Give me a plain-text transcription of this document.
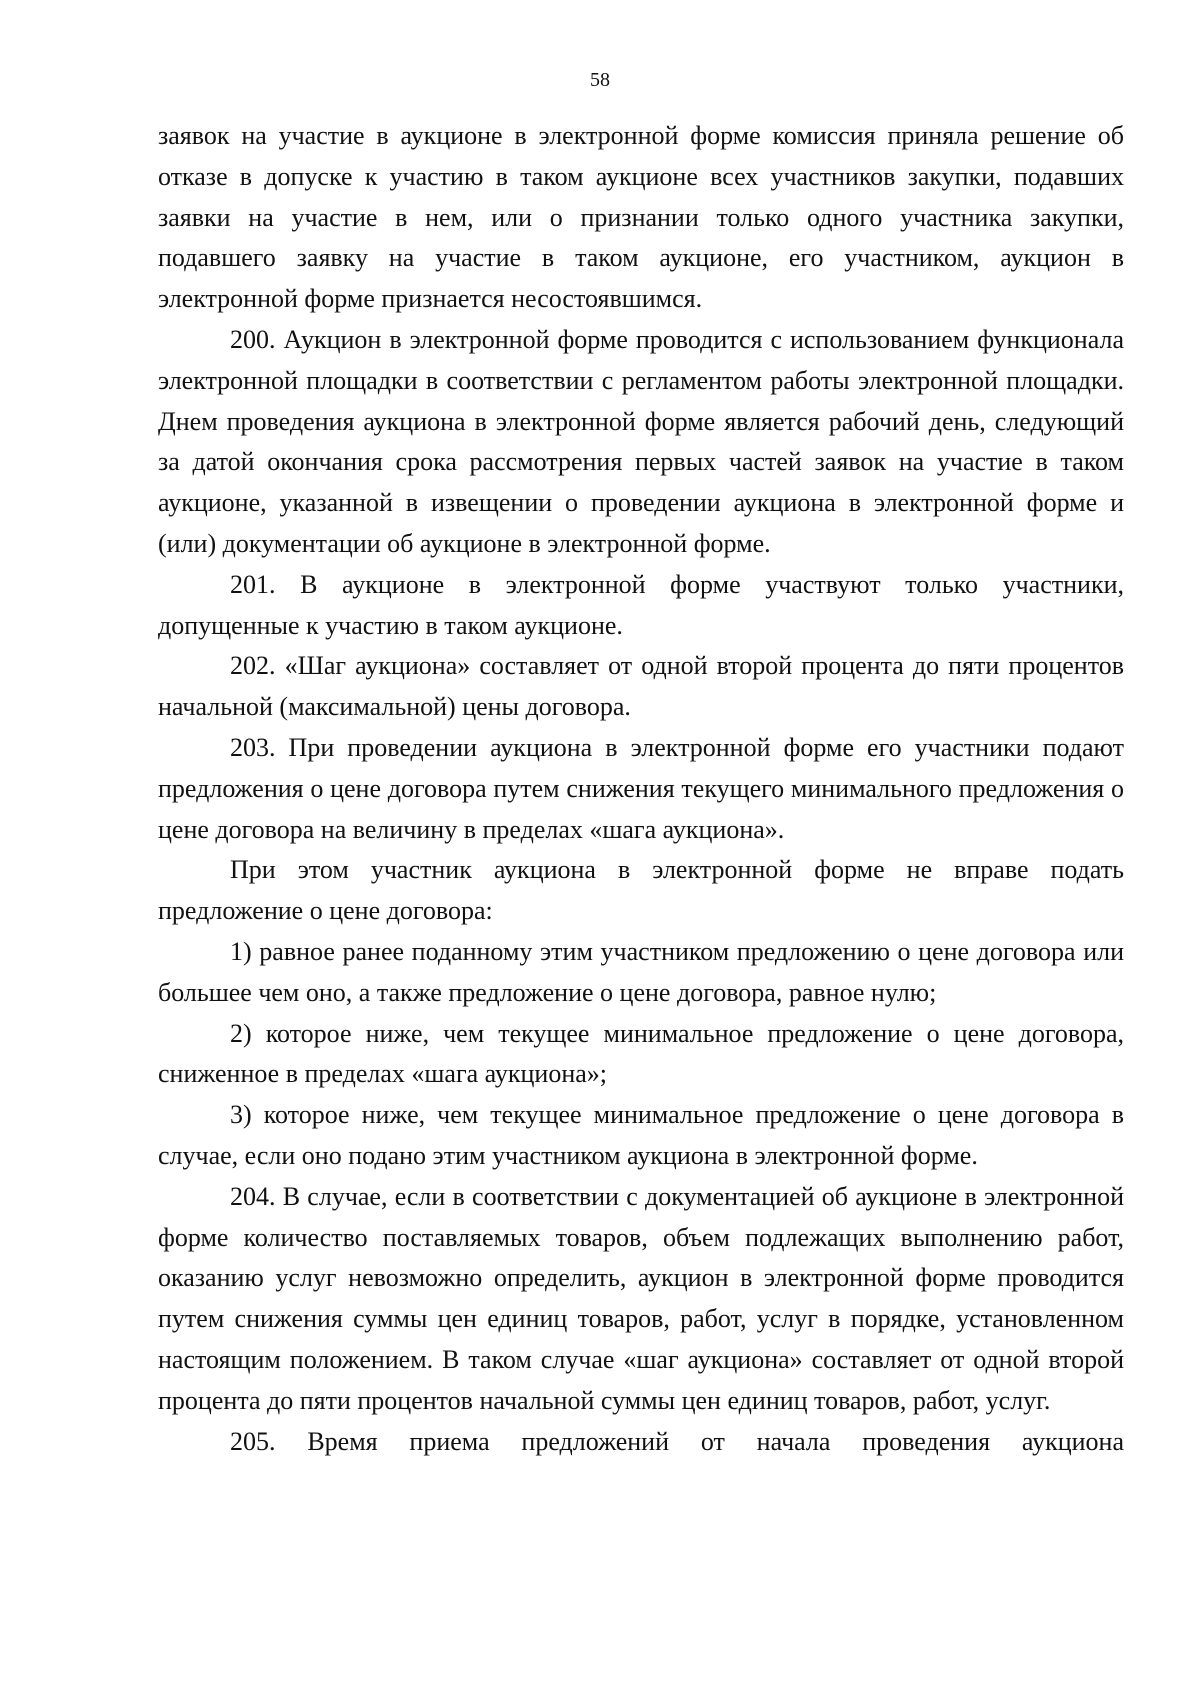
58

заявок на участие в аукционе в электронной форме комиссия приняла решение об отказе в допуске к участию в таком аукционе всех участников закупки, подавших заявки на участие в нем, или о признании только одного участника закупки, подавшего заявку на участие в таком аукционе, его участником, аукцион в электронной форме признается несостоявшимся.

200. Аукцион в электронной форме проводится с использованием функционала электронной площадки в соответствии с регламентом работы электронной площадки. Днем проведения аукциона в электронной форме является рабочий день, следующий за датой окончания срока рассмотрения первых частей заявок на участие в таком аукционе, указанной в извещении о проведении аукциона в электронной форме и (или) документации об аукционе в электронной форме.

201. В аукционе в электронной форме участвуют только участники, допущенные к участию в таком аукционе.

202. «Шаг аукциона» составляет от одной второй процента до пяти процентов начальной (максимальной) цены договора.

203. При проведении аукциона в электронной форме его участники подают предложения о цене договора путем снижения текущего минимального предложения о цене договора на величину в пределах «шага аукциона».

При этом участник аукциона в электронной форме не вправе подать предложение о цене договора:

1) равное ранее поданному этим участником предложению о цене договора или большее чем оно, а также предложение о цене договора, равное нулю;

2) которое ниже, чем текущее минимальное предложение о цене договора, сниженное в пределах «шага аукциона»;

3) которое ниже, чем текущее минимальное предложение о цене договора в случае, если оно подано этим участником аукциона в электронной форме.

204. В случае, если в соответствии с документацией об аукционе в электронной форме количество поставляемых товаров, объем подлежащих выполнению работ, оказанию услуг невозможно определить, аукцион в электронной форме проводится путем снижения суммы цен единиц товаров, работ, услуг в порядке, установленном настоящим положением. В таком случае «шаг аукциона» составляет от одной второй процента до пяти процентов начальной суммы цен единиц товаров, работ, услуг.

205. Время приема предложений от начала проведения аукциона
